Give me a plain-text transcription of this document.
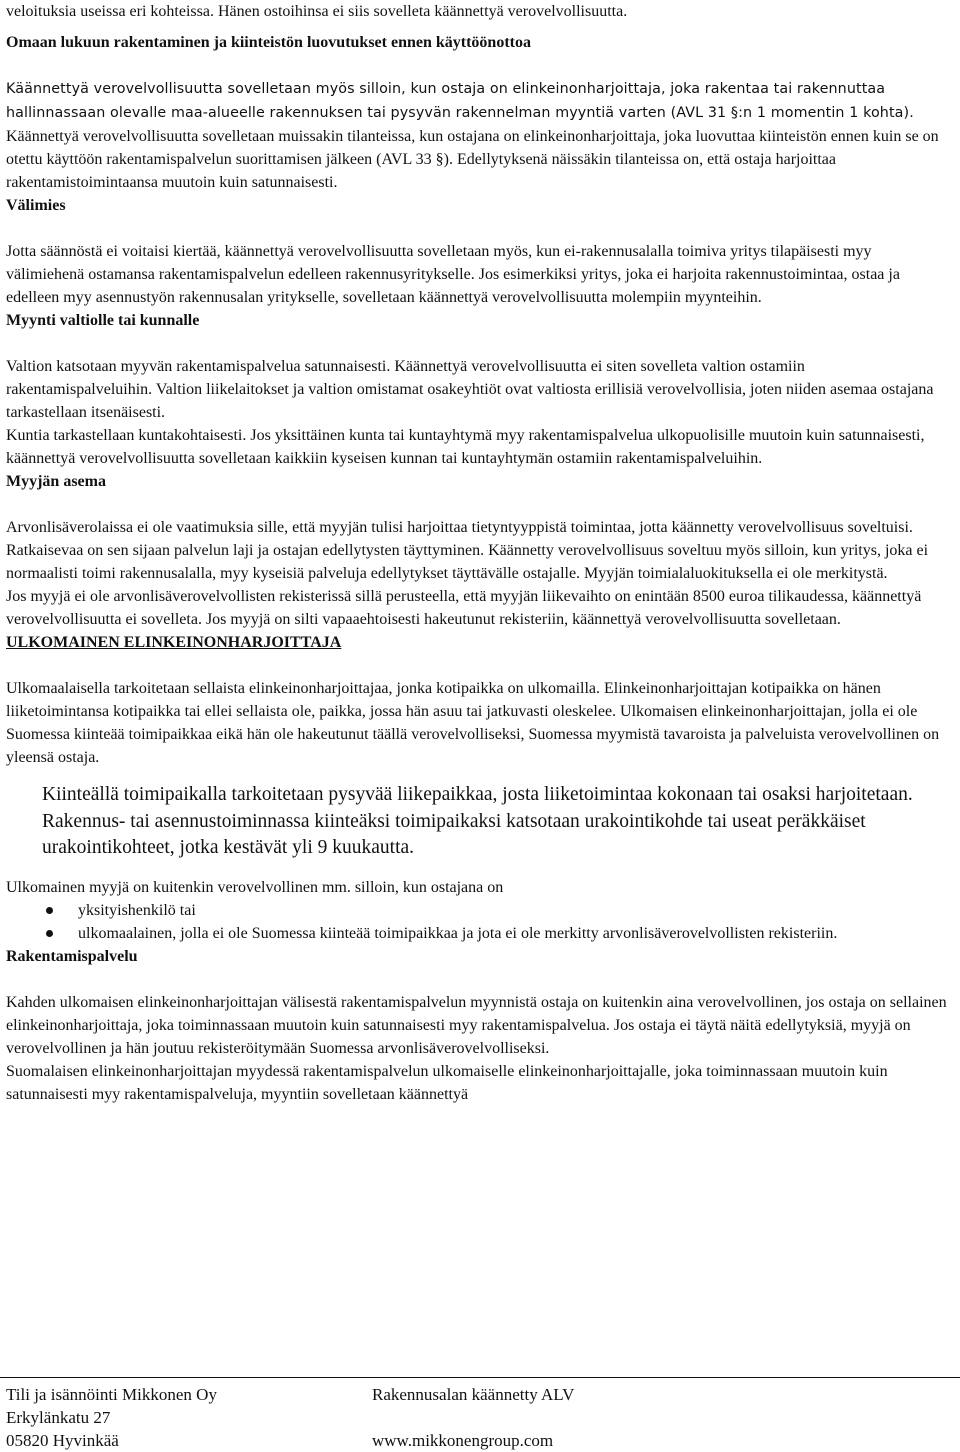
veloituksia useissa eri kohteissa. Hänen ostoihinsa ei siis sovelleta käännettyä verovelvollisuutta.

Omaan lukuun rakentaminen ja kiinteistön luovutukset ennen käyttöönottoa

Käännettyä verovelvollisuutta sovelletaan myös silloin, kun ostaja on elinkeinonharjoittaja, joka rakentaa tai rakennuttaa hallinnassaan olevalle maa-alueelle rakennuksen tai pysyvän rakennelman myyntiä varten (AVL 31 §:n 1 momentin 1 kohta). Käännettyä verovelvollisuutta sovelletaan muissakin tilanteissa, kun ostajana on elinkeinonharjoittaja, joka luovuttaa kiinteistön ennen kuin se on otettu käyttöön rakentamispalvelun suorittamisen jälkeen (AVL 33 §). Edellytyksenä näissäkin tilanteissa on, että ostaja harjoittaa rakentamistoimintaansa muutoin kuin satunnaisesti.

Välimies

Jotta säännöstä ei voitaisi kiertää, käännettyä verovelvollisuutta sovelletaan myös, kun ei-rakennusalalla toimiva yritys tilapäisesti myy välimiehenä ostamansa rakentamispalvelun edelleen rakennusyritykselle. Jos esimerkiksi yritys, joka ei harjoita rakennustoimintaa, ostaa ja edelleen myy asennustyön rakennusalan yritykselle, sovelletaan käännettyä verovelvollisuutta molempiin myynteihin.

Myynti valtiolle tai kunnalle

Valtion katsotaan myyvän rakentamispalvelua satunnaisesti. Käännettyä verovelvollisuutta ei siten sovelleta valtion ostamiin rakentamispalveluihin. Valtion liikelaitokset ja valtion omistamat osakeyhtiöt ovat valtiosta erillisiä verovelvollisia, joten niiden asemaa ostajana tarkastellaan itsenäisesti.

Kuntia tarkastellaan kuntakohtaisesti. Jos yksittäinen kunta tai kuntayhtymä myy rakentamispalvelua ulkopuolisille muutoin kuin satunnaisesti, käännettyä verovelvollisuutta sovelletaan kaikkiin kyseisen kunnan tai kuntayhtymän ostamiin rakentamispalveluihin.

Myyjän asema

Arvonlisäverolaissa ei ole vaatimuksia sille, että myyjän tulisi harjoittaa tietyntyyppistä toimintaa, jotta käännetty verovelvollisuus soveltuisi. Ratkaisevaa on sen sijaan palvelun laji ja ostajan edellytysten täyttyminen. Käännetty verovelvollisuus soveltuu myös silloin, kun yritys, joka ei normaalisti toimi rakennusalalla, myy kyseisiä palveluja edellytykset täyttävälle ostajalle. Myyjän toimialaluokituksella ei ole merkitystä.

Jos myyjä ei ole arvonlisäverovelvollisten rekisterissä sillä perusteella, että myyjän liikevaihto on enintään 8500 euroa tilikaudessa, käännettyä verovelvollisuutta ei sovelleta. Jos myyjä on silti vapaaehtoisesti hakeutunut rekisteriin, käännettyä verovelvollisuutta sovelletaan.

ULKOMAINEN ELINKEINONHARJOITTAJA

Ulkomaalaisella tarkoitetaan sellaista elinkeinonharjoittajaa, jonka kotipaikka on ulkomailla. Elinkeinonharjoittajan kotipaikka on hänen liiketoimintansa kotipaikka tai ellei sellaista ole, paikka, jossa hän asuu tai jatkuvasti oleskelee. Ulkomaisen elinkeinonharjoittajan, jolla ei ole Suomessa kiinteää toimipaikkaa eikä hän ole hakeutunut täällä verovelvolliseksi, Suomessa myymistä tavaroista ja palveluista verovelvollinen on yleensä ostaja.

Kiinteällä toimipaikalla tarkoitetaan pysyvää liikepaikkaa, josta liiketoimintaa kokonaan tai osaksi harjoitetaan. Rakennus- tai asennustoiminnassa kiinteäksi toimipaikaksi katsotaan urakointikohde tai useat peräkkäiset urakointikohteet, jotka kestävät yli 9 kuukautta.

Ulkomainen myyjä on kuitenkin verovelvollinen mm. silloin, kun ostajana on

yksityishenkilö tai
ulkomaalainen, jolla ei ole Suomessa kiinteää toimipaikkaa ja jota ei ole merkitty arvonlisäverovelvollisten rekisteriin.

Rakentamispalvelu

Kahden ulkomaisen elinkeinonharjoittajan välisestä rakentamispalvelun myynnistä ostaja on kuitenkin aina verovelvollinen, jos ostaja on sellainen elinkeinonharjoittaja, joka toiminnassaan muutoin kuin satunnaisesti myy rakentamispalvelua. Jos ostaja ei täytä näitä edellytyksiä, myyjä on verovelvollinen ja hän joutuu rekisteröitymään Suomessa arvonlisäverovelvolliseksi.

Suomalaisen elinkeinonharjoittajan myydessä rakentamispalvelun ulkomaiselle elinkeinonharjoittajalle, joka toiminnassaan muutoin kuin satunnaisesti myy rakentamispalveluja, myyntiin sovelletaan käännettyä

Tili ja isännöinti Mikkonen Oy
Erkylänkatu 27
05820 Hyvinkää
Rakennusalan käännetty ALV
www.mikkonengroup.com
